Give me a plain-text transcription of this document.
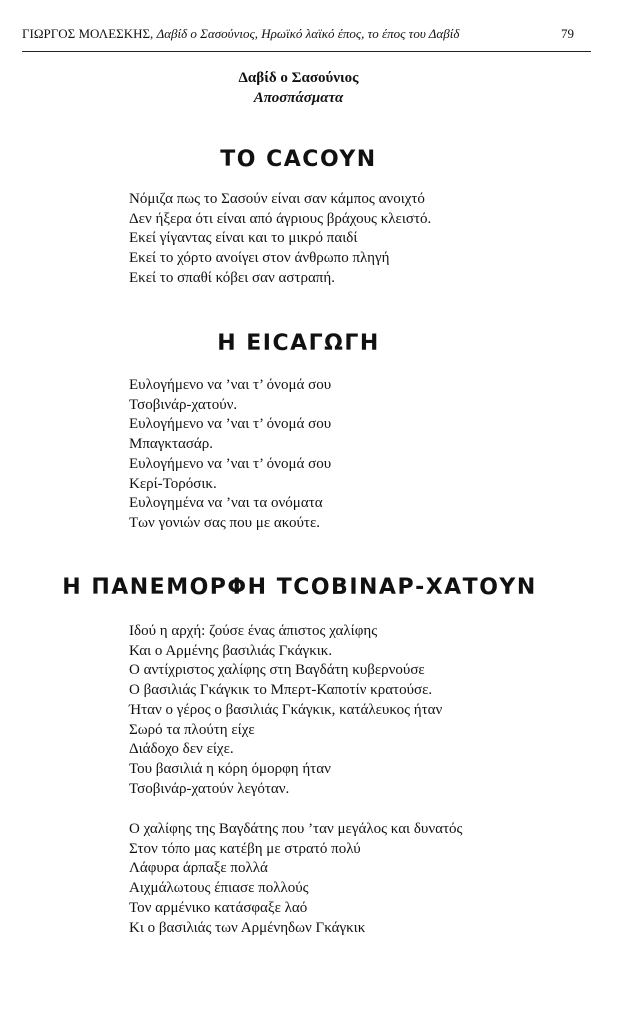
ΓΙΩΡΓΟΣ ΜΟΛΕΣΚΗΣ, Δαβίδ ο Σασούνιος, Ηρωϊκό λαϊκό έπος, το έπος του Δαβίδ	79
Δαβίδ ο Σασούνιος
Αποσπάσματα
ΤΟ CACOYN
Νόμιζα πως το Σασούν είναι σαν κάμπος ανοιχτό
Δεν ήξερα ότι είναι από άγριους βράχους κλειστό.
Εκεί γίγαντας είναι και το μικρό παιδί
Εκεί το χόρτο ανοίγει στον άνθρωπο πληγή
Εκεί το σπαθί κόβει σαν αστραπή.
Η ΕΙCΑΓΩΓΗ
Ευλογήμενο να ’ναι τ’ όνομά σου
Τσοβινάρ-χατούν.
Ευλογήμενο να ’ναι τ’ όνομά σου
Μπαγκτασάρ.
Ευλογήμενο να ’ναι τ’ όνομά σου
Κερί-Τορόσικ.
Ευλογημένα να ’ναι τα ονόματα
Των γονιών σας που με ακούτε.
Η ΠΑΝΕΜΟΡΦΗ ΤCΟΒΙΝΑΡ-ΧΑΤΟΥΝ
Ιδού η αρχή: ζούσε ένας άπιστος χαλίφης
Και ο Αρμένης βασιλιάς Γκάγκικ.
Ο αντίχριστος χαλίφης στη Βαγδάτη κυβερνούσε
Ο βασιλιάς Γκάγκικ το Μπερτ-Καποτίν κρατούσε.
Ήταν ο γέρος ο βασιλιάς Γκάγκικ, κατάλευκος ήταν
Σωρό τα πλούτη είχε
Διάδοχο δεν είχε.
Του βασιλιά η κόρη όμορφη ήταν
Τσοβινάρ-χατούν λεγόταν.
Ο χαλίφης της Βαγδάτης που ’ταν μεγάλος και δυνατός
Στον τόπο μας κατέβη με στρατό πολύ
Λάφυρα άρπαξε πολλά
Αιχμάλωτους έπιασε πολλούς
Τον αρμένικο κατάσφαξε λαό
Κι ο βασιλιάς των Αρμένηδων Γκάγκικ
